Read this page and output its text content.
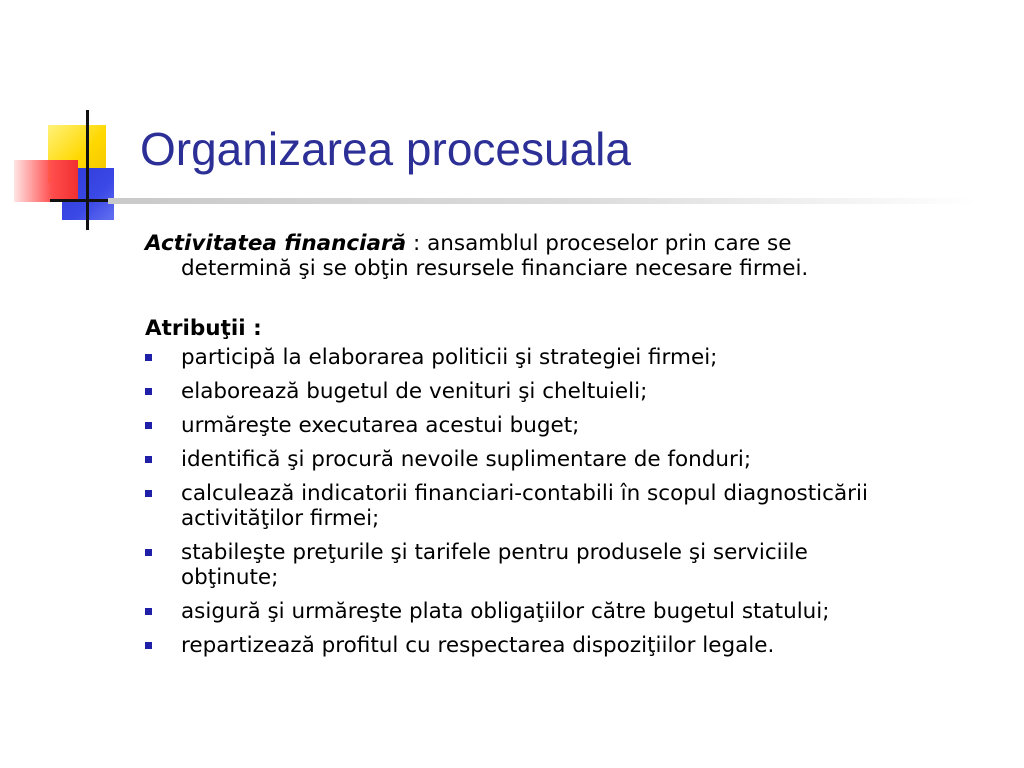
Organizarea procesuala
Activitatea financiară : ansamblul proceselor prin care se
determină şi se obţin resursele financiare necesare firmei.
Atribuţii :
participă la elaborarea politicii şi strategiei firmei;
elaborează bugetul de venituri şi cheltuieli;
urmăreşte executarea acestui buget;
identifică şi procură nevoile suplimentare de fonduri;
calculează indicatorii financiari-contabili în scopul diagnosticării
activităţilor firmei;
stabileşte preţurile şi tarifele pentru produsele şi serviciile
obţinute;
asigură şi urmăreşte plata obligaţiilor către bugetul statului;
repartizează profitul cu respectarea dispoziţiilor legale.
